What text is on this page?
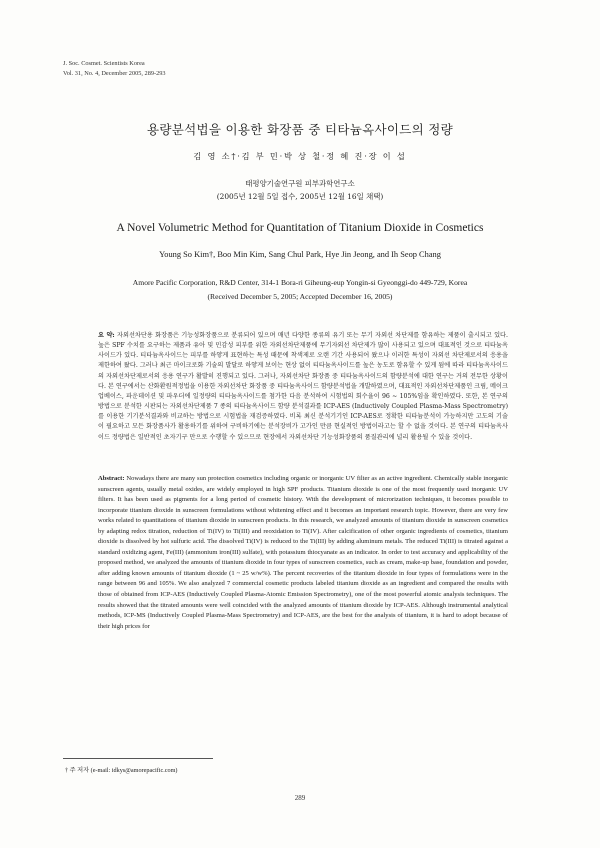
J. Soc. Cosmet. Scientists Korea
Vol. 31, No. 4, December 2005, 289-293
용량분석법을 이용한 화장품 중 티타늄옥사이드의 정량
김 영 소†·김 부 민·박 상 철·정 혜 진·장 이 섭
태평양기술연구원 피부과학연구소
(2005년 12월 5일 접수, 2005년 12월 16일 채택)
A Novel Volumetric Method for Quantitation of Titanium Dioxide in Cosmetics
Young So Kim†, Boo Min Kim, Sang Chul Park, Hye Jin Jeong, and Ih Seop Chang
Amore Pacific Corporation, R&D Center, 314-1 Bora-ri Giheung-eup Yongin-si Gyeonggi-do 449-729, Korea
(Received December 5, 2005; Accepted December 16, 2005)
요 약: 자외선차단용 화장품은 기능성화장품으로 분류되어 있으며 매년 다양한 종류의 유기 또는 무기 자외선 차단제를 함유하는 제품이 출시되고 있다. 높은 SPF 수치를 요구하는 제품과 유아 및 민감성 피부를 위한 자외선차단제품에 무기자외선 차단제가 많이 사용되고 있으며 대표적인 것으로 티타늄옥사이드가 있다. 티타늄옥사이드는 피부를 하얗게 표현하는 특성 때문에 착색제로 오랜 기간 사용되어 왔으나 이러한 특성이 자외선 차단제로서의 응용을 제한하여 왔다. 그러나 최근 마이크로화 기술의 발달로 하얗게 보이는 현상 없이 티타늄옥사이드를 높은 농도로 함유할 수 있게 됨에 따라 티타늄옥사이드의 자외선차단제로서의 응용 연구가 활발히 진행되고 있다. 그러나, 자외선차단 화장품 중 티타늄옥사이드의 함량분석에 대한 연구는 거의 전무한 상황이다. 본 연구에서는 산화환원적정법을 이용한 자외선차단 화장품 중 티타늄옥사이드 함량분석법을 개발하였으며, 대표적인 자외선차단제품인 크림, 메이크업베이스, 파운데이션 및 파우더에 일정량의 티타늄옥사이드를 첨가한 다음 분석하여 시험법의 회수율이 96 ~ 105%임을 확인하였다. 또한, 본 연구의 방법으로 분석한 시판되는 자외선차단제품 7 종의 티타늄옥사이드 함량 분석결과를 ICP-AES (Inductively Coupled Plasma-Mass Spectrometry)를 이용한 기기분석결과와 비교하는 방법으로 시험법을 재검증하였다. 비록 최신 분석기기인 ICP-AES로 정확한 티타늄분석이 가능하지만 고도의 기술이 필요하고 모든 화장품사가 활용하기를 위하여 구비하기에는 분석장비가 고가인 만큼 현실적인 방법이라고는 할 수 없을 것이다. 본 연구의 티타늄옥사이드 정량법은 일반적인 초자기구 만으로 수행할 수 있으므로 현장에서 자외선차단 기능성화장품의 품질관리에 널리 활용될 수 있을 것이다.
Abstract: Nowadays there are many sun protection cosmetics including organic or inorganic UV filter as an active ingredient. Chemically stable inorganic sunscreen agents, usually metal oxides, are widely employed in high SPF products. Titanium dioxide is one of the most frequently used inorganic UV filters. It has been used as pigments for a long period of cosmetic history. With the development of microrization techniques, it becomes possible to incorporate titanium dioxide in sunscreen formulations without whitening effect and it becomes an important research topic. However, there are very few works related to quantitations of titanium dioxide in sunscreen products. In this research, we analyzed amounts of titanium dioxide in sunscreen cosmetics by adapting redox titration, reduction of Ti(IV) to Ti(III) and reoxidation to Ti(IV). After calcification of other organic ingredients of cosmetics, titanium dioxide is dissolved by hot sulfuric acid. The dissolved Ti(IV) is reduced to the Ti(III) by adding aluminum metals. The reduced Ti(III) is titrated against a standard oxidizing agent, Fe(III) (ammonium iron(III) sulfate), with potassium thiocyanate as an indicator. In order to test accuracy and applicability of the proposed method, we analyzed the amounts of titanium dioxide in four types of sunscreen cosmetics, such as cream, make-up base, foundation and powder, after adding known amounts of titanium dioxide (1 ~ 25 w/w%). The percent recoveries of the titanium dioxide in four types of formulations were in the range between 96 and 105%. We also analyzed 7 commercial cosmetic products labeled titanium dioxide as an ingredient and compared the results with those of obtained from ICP-AES (Inductively Coupled Plasma-Atomic Emission Spectrometry), one of the most powerful atomic analysis techniques. The results showed that the titrated amounts were well coincided with the analyzed amounts of titanium dioxide by ICP-AES. Although instrumental analytical methods, ICP-MS (Inductively Coupled Plasma-Mass Spectrometry) and ICP-AES, are the best for the analysis of titanium, it is hard to adopt because of their high prices for
† 주 저자 (e-mail: idkys@amorepacific.com)
289
